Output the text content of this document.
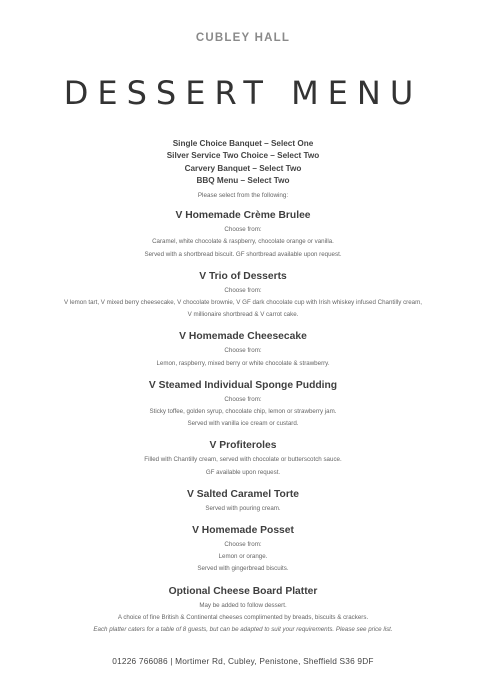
CUBLEY HALL
DESSERT MENU
Single Choice Banquet – Select One
Silver Service Two Choice – Select Two
Carvery Banquet – Select Two
BBQ Menu – Select Two
Please select from the following:
V Homemade Crème Brulee
Choose from:
Caramel, white chocolate & raspberry, chocolate orange or vanilla.
Served with a shortbread biscuit. GF shortbread available upon request.
V Trio of Desserts
Choose from:
V lemon tart, V mixed berry cheesecake, V chocolate brownie, V GF dark chocolate cup with Irish whiskey infused Chantilly cream,
V millionaire shortbread & V carrot cake.
V Homemade Cheesecake
Choose from:
Lemon, raspberry, mixed berry or white chocolate & strawberry.
V Steamed Individual Sponge Pudding
Choose from:
Sticky toffee, golden syrup, chocolate chip, lemon or strawberry jam.
Served with vanilla ice cream or custard.
V Profiteroles
Filled with Chantilly cream, served with chocolate or butterscotch sauce.
GF available upon request.
V Salted Caramel Torte
Served with pouring cream.
V Homemade Posset
Choose from:
Lemon or orange.
Served with gingerbread biscuits.
Optional Cheese Board Platter
May be added to follow dessert.
A choice of fine British & Continental cheeses compliment​ed by breads, biscuits & crackers.
Each platter caters for a table of 8 guests, but can be adapted to suit your requirements. Please see price list.
01226 766086 | Mortimer Rd, Cubley, Penistone, Sheffield S36 9DF
